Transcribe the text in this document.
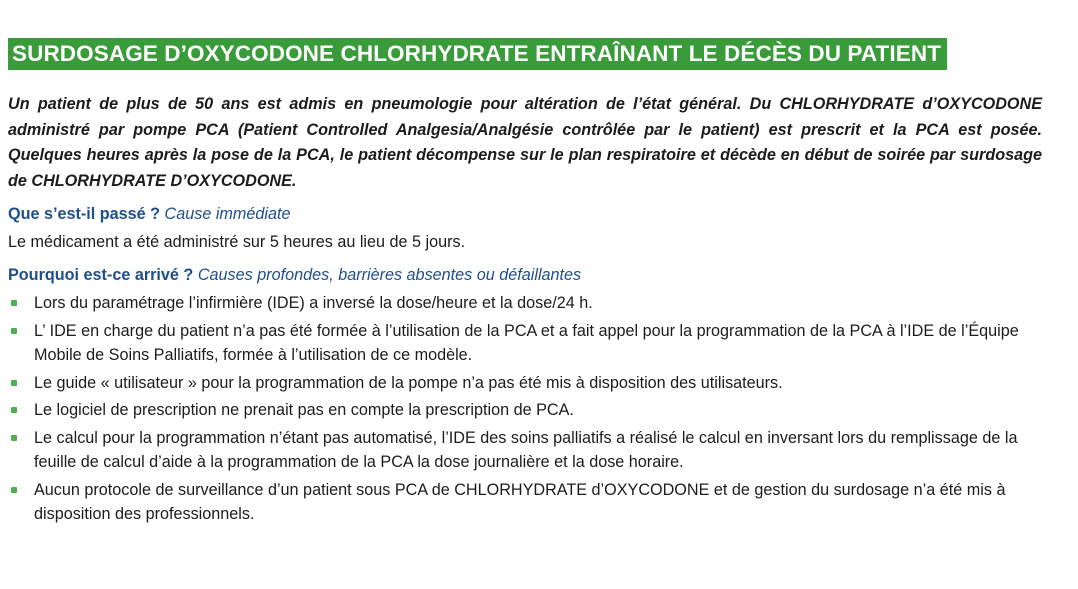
SURDOSAGE D’OXYCODONE CHLORHYDRATE ENTRAÎNANT LE DÉCÈS DU PATIENT
Un patient de plus de 50 ans est admis en pneumologie pour altération de l’état général. Du CHLORHYDRATE d’OXYCODONE administré par pompe PCA (Patient Controlled Analgesia/Analgésie contrôlée par le patient) est prescrit et la PCA est posée. Quelques heures après la pose de la PCA, le patient décompense sur le plan respiratoire et décède en début de soirée par surdosage de CHLORHYDRATE D’OXYCODONE.
Que s’est-il passé ? Cause immédiate
Le médicament a été administré sur 5 heures au lieu de 5 jours.
Pourquoi est-ce arrivé ? Causes profondes, barrières absentes ou défaillantes
Lors du paramétrage l’infirmière (IDE) a inversé la dose/heure et la dose/24 h.
L’ IDE en charge du patient n’a pas été formée à l’utilisation de la PCA et a fait appel pour la programmation de la PCA à l’IDE de l’Équipe Mobile de Soins Palliatifs, formée à l’utilisation de ce modèle.
Le guide « utilisateur » pour la programmation de la pompe n’a pas été mis à disposition des utilisateurs.
Le logiciel de prescription ne prenait pas en compte la prescription de PCA.
Le calcul pour la programmation n’étant pas automatisé, l’IDE des soins palliatifs a réalisé le calcul en inversant lors du remplissage de la feuille de calcul d’aide à la programmation de la PCA la dose journalière et la dose horaire.
Aucun protocole de surveillance d’un patient sous PCA de CHLORHYDRATE d’OXYCODONE et de gestion du surdosage n’a été mis à disposition des professionnels.
